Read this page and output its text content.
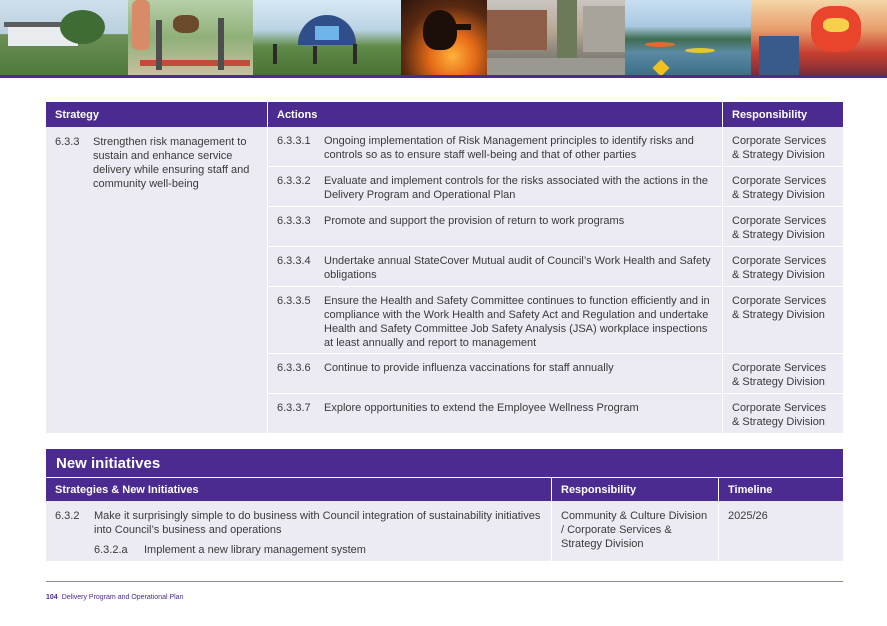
Strategy	Actions	Responsibility
6.3.3	Strengthen risk management to sustain and enhance service delivery while ensuring staff and community well-being
6.3.3.1	Ongoing implementation of Risk Management principles to identify risks and controls so as to ensure staff well-being and that of other parties
Corporate Services & Strategy Division
6.3.3.2	Evaluate and implement controls for the risks associated with the actions in the Delivery Program and Operational Plan
Corporate Services & Strategy Division
6.3.3.3	Promote and support the provision of return to work programs	Corporate Services & Strategy Division
6.3.3.4	Undertake annual StateCover Mutual audit of Council’s Work Health and Safety obligations
Corporate Services & Strategy Division
6.3.3.5	Ensure the Health and Safety Committee continues to function efficiently and in compliance with the Work Health and Safety Act and Regulation and undertake Health and Safety Committee Job Safety Analysis (JSA) workplace inspections at least annually and report to management
Corporate Services & Strategy Division
6.3.3.6	Continue to provide influenza vaccinations for staff annually	Corporate Services & Strategy Division
6.3.3.7	Explore opportunities to extend the Employee Wellness Program	Corporate Services & Strategy Division
New initiatives
Strategies & New Initiatives	Responsibility	Timeline
6.3.2	Make it surprisingly simple to do business with Council integration of sustainability initiatives into Council’s business and operations
6.3.2.a	Implement a new library management system
Community & Culture Division / Corporate Services & Strategy Division
2025/26
104 Delivery Program and Operational Plan
